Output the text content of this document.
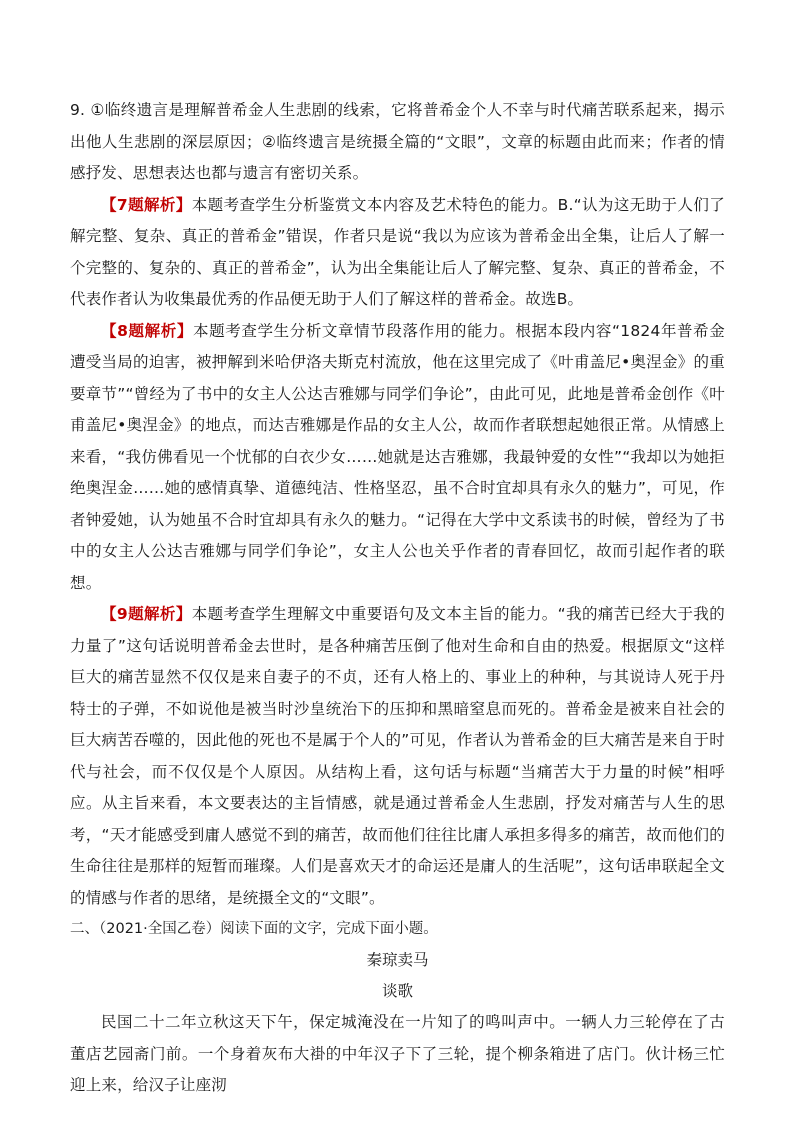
9. ①临终遗言是理解普希金人生悲剧的线索，它将普希金个人不幸与时代痛苦联系起来，揭示出他人生悲剧的深层原因；②临终遗言是统摄全篇的“文眼”，文章的标题由此而来；作者的情感抒发、思想表达也都与遗言有密切关系。

【7题解析】本题考查学生分析鉴赏文本内容及艺术特色的能力。B.“认为这无助于人们了解完整、复杂、真正的普希金”错误，作者只是说“我以为应该为普希金出全集，让后人了解一个完整的、复杂的、真正的普希金”，认为出全集能让后人了解完整、复杂、真正的普希金，不代表作者认为收集最优秀的作品便无助于人们了解这样的普希金。故选B。

【8题解析】本题考查学生分析文章情节段落作用的能力。根据本段内容“1824年普希金遭受当局的迫害，被押解到米哈伊洛夫斯克村流放，他在这里完成了《叶甫盖尼•奥涅金》的重要章节”“曾经为了书中的女主人公达吉雅娜与同学们争论”，由此可见，此地是普希金创作《叶甫盖尼•奥涅金》的地点，而达吉雅娜是作品的女主人公，故而作者联想起她很正常。从情感上来看，“我仿佛看见一个忧郁的白衣少女……她就是达吉雅娜，我最钟爱的女性”“我却以为她拒绝奥涅金……她的感情真挚、道德纯洁、性格坚忍，虽不合时宜却具有永久的魅力”，可见，作者钟爱她，认为她虽不合时宜却具有永久的魅力。“记得在大学中文系读书的时候，曾经为了书中的女主人公达吉雅娜与同学们争论”，女主人公也关乎作者的青春回忆，故而引起作者的联想。

【9题解析】本题考查学生理解文中重要语句及文本主旨的能力。“我的痛苦已经大于我的力量了”这句话说明普希金去世时，是各种痛苦压倒了他对生命和自由的热爱。根据原文“这样巨大的痛苦显然不仅仅是来自妻子的不贞，还有人格上的、事业上的种种，与其说诗人死于丹特士的子弹，不如说他是被当时沙皇统治下的压抑和黑暗窒息而死的。普希金是被来自社会的巨大病苦吞噬的，因此他的死也不是属于个人的”可见，作者认为普希金的巨大痛苦是来自于时代与社会，而不仅仅是个人原因。从结构上看，这句话与标题“当痛苦大于力量的时候”相呼应。从主旨来看，本文要表达的主旨情感，就是通过普希金人生悲剧，抒发对痛苦与人生的思考，“天才能感受到庸人感觉不到的痛苦，故而他们往往比庸人承担多得多的痛苦，故而他们的生命往往是那样的短暂而璀璨。人们是喜欢天才的命运还是庸人的生活呢”，这句话串联起全文的情感与作者的思绪，是统摄全文的“文眼”。

二、（2021·全国乙卷）阅读下面的文字，完成下面小题。

秦琼卖马
谈歌

民国二十二年立秋这天下午，保定城淹没在一片知了的鸣叫声中。一辆人力三轮停在了古董店艺园斋门前。一个身着灰布大褂的中年汉子下了三轮，提个柳条箱进了店门。伙计杨三忙迎上来，给汉子让座沏
